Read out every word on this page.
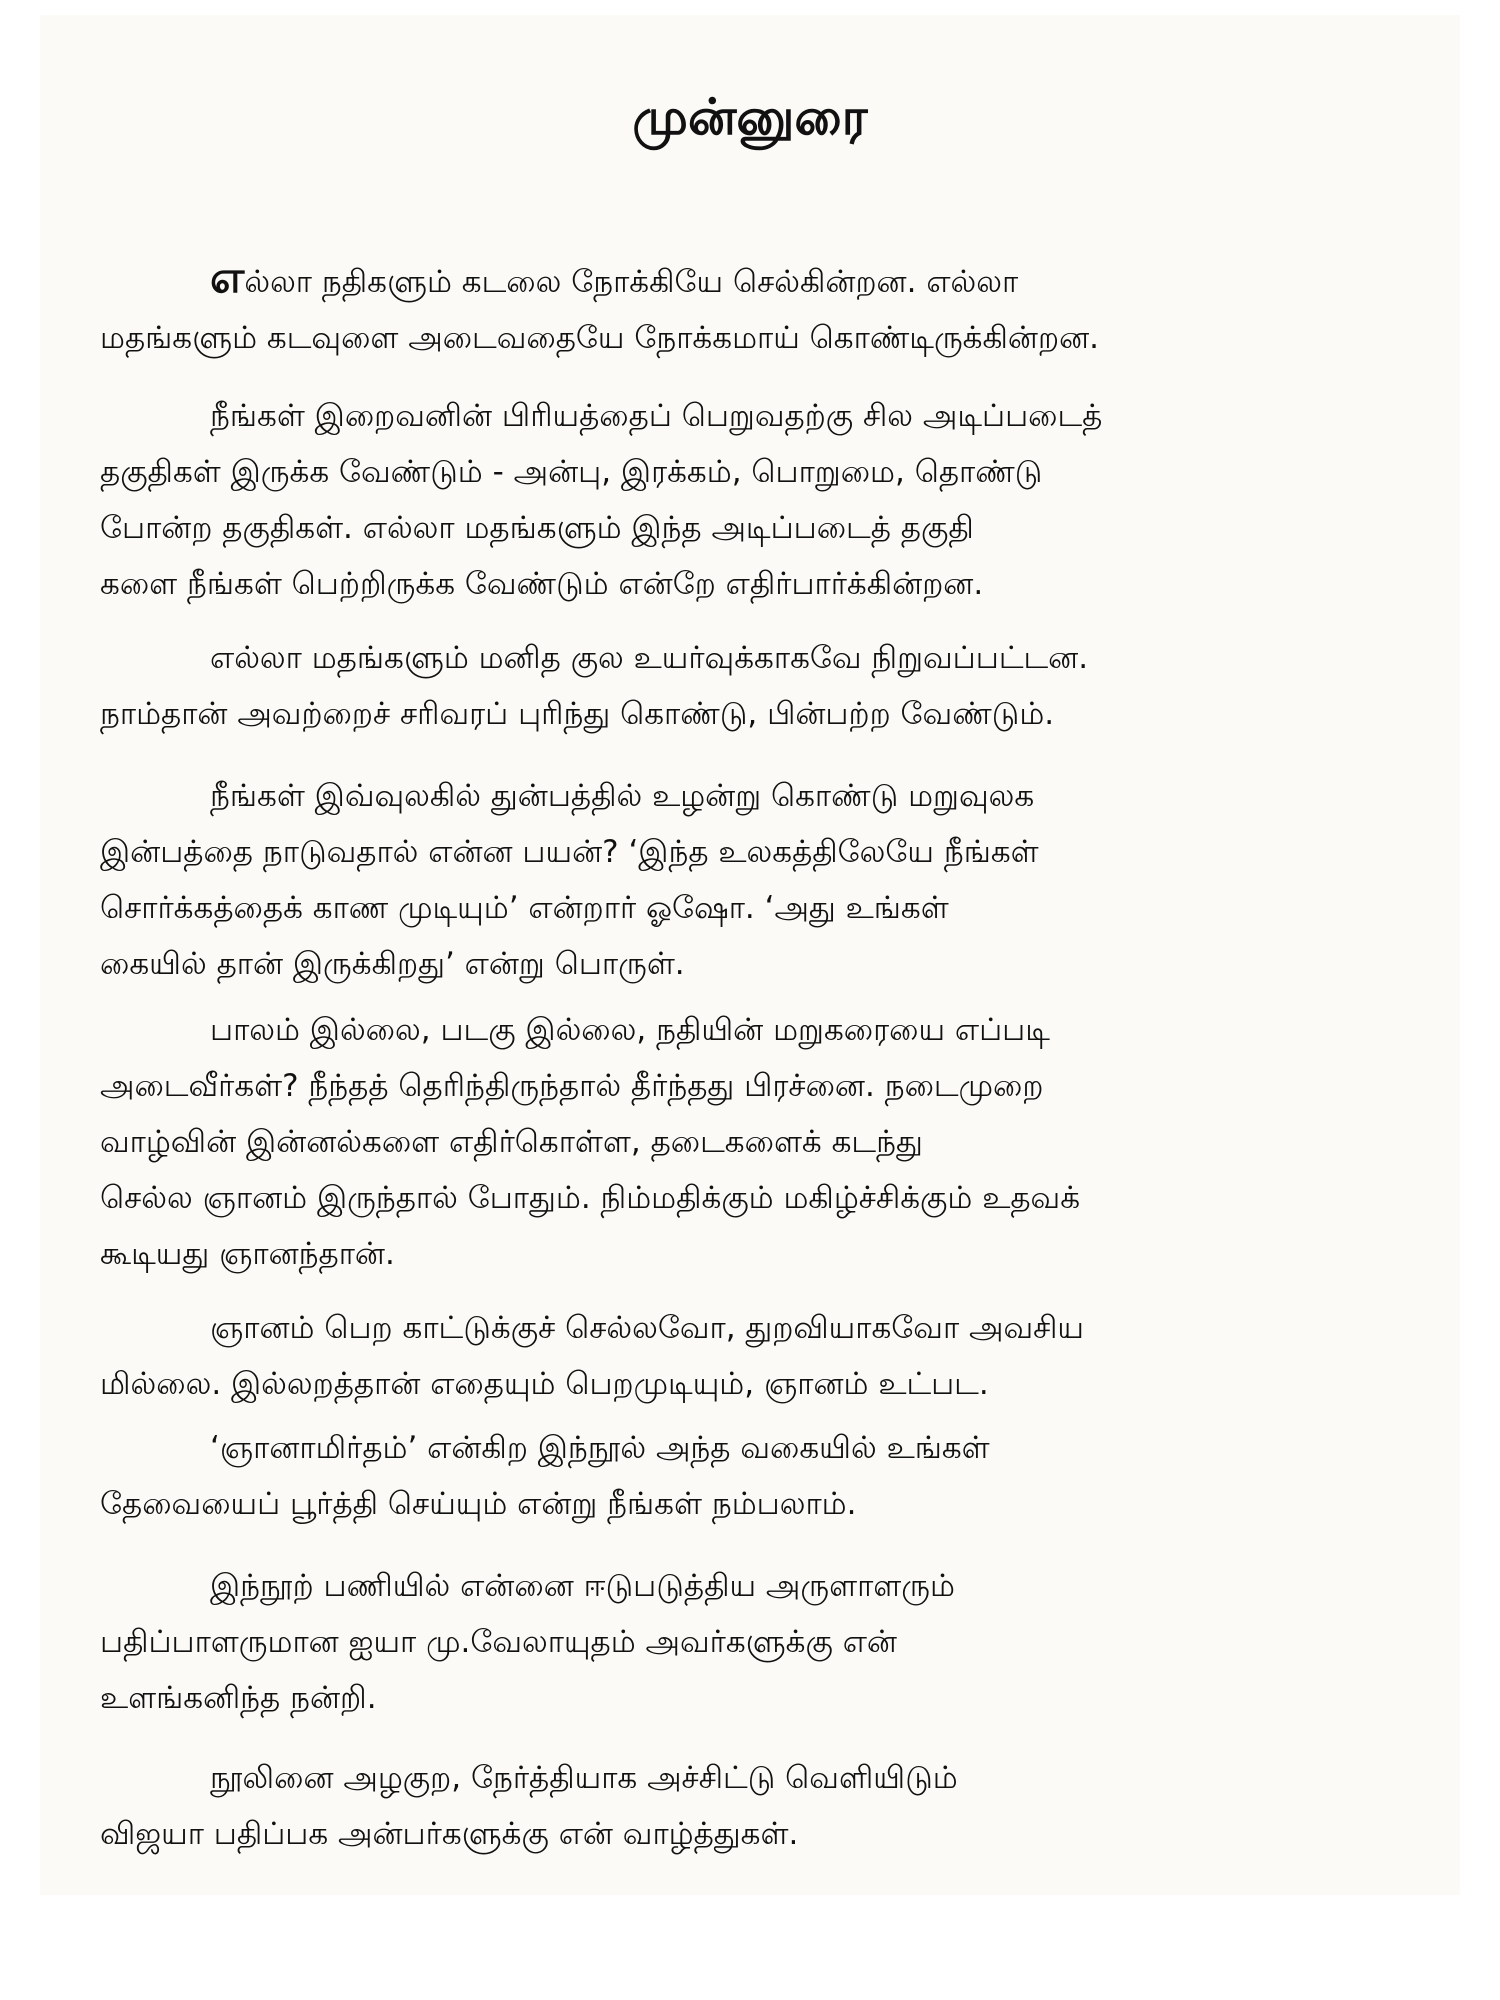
முன்னுரை

எல்லா நதிகளும் கடலை நோக்கியே செல்கின்றன. எல்லா
மதங்களும் கடவுளை அடைவதையே நோக்கமாய் கொண்டிருக்கின்றன.

நீங்கள் இறைவனின் பிரியத்தைப் பெறுவதற்கு சில அடிப்படைத்
தகுதிகள் இருக்க வேண்டும் - அன்பு, இரக்கம், பொறுமை, தொண்டு
போன்ற தகுதிகள். எல்லா மதங்களும் இந்த அடிப்படைத் தகுதி
களை நீங்கள் பெற்றிருக்க வேண்டும் என்றே எதிர்பார்க்கின்றன.

எல்லா மதங்களும் மனித குல உயர்வுக்காகவே நிறுவப்பட்டன.
நாம்தான் அவற்றைச் சரிவரப் புரிந்து கொண்டு, பின்பற்ற வேண்டும்.

நீங்கள் இவ்வுலகில் துன்பத்தில் உழன்று கொண்டு மறுவுலக
இன்பத்தை நாடுவதால் என்ன பயன்? ‘இந்த உலகத்திலேயே நீங்கள்
சொர்க்கத்தைக் காண முடியும்’ என்றார் ஓஷோ. ‘அது உங்கள்
கையில் தான் இருக்கிறது’ என்று பொருள்.

பாலம் இல்லை, படகு இல்லை, நதியின் மறுகரையை எப்படி
அடைவீர்கள்? நீந்தத் தெரிந்திருந்தால் தீர்ந்தது பிரச்னை. நடைமுறை
வாழ்வின் இன்னல்களை எதிர்கொள்ள, தடைகளைக் கடந்து
செல்ல ஞானம் இருந்தால் போதும். நிம்மதிக்கும் மகிழ்ச்சிக்கும் உதவக்
கூடியது ஞானந்தான்.

ஞானம் பெற காட்டுக்குச் செல்லவோ, துறவியாகவோ அவசிய
மில்லை. இல்லறத்தான் எதையும் பெறமுடியும், ஞானம் உட்பட.

‘ஞானாமிர்தம்’ என்கிற இந்நூல் அந்த வகையில் உங்கள்
தேவையைப் பூர்த்தி செய்யும் என்று நீங்கள் நம்பலாம்.

இந்நூற் பணியில் என்னை ஈடுபடுத்திய அருளாளரும்
பதிப்பாளருமான ஐயா மு.வேலாயுதம் அவர்களுக்கு என்
உளங்கனிந்த நன்றி.

நூலினை அழகுற, நேர்த்தியாக அச்சிட்டு வெளியிடும்
விஜயா பதிப்பக அன்பர்களுக்கு என் வாழ்த்துகள்.
